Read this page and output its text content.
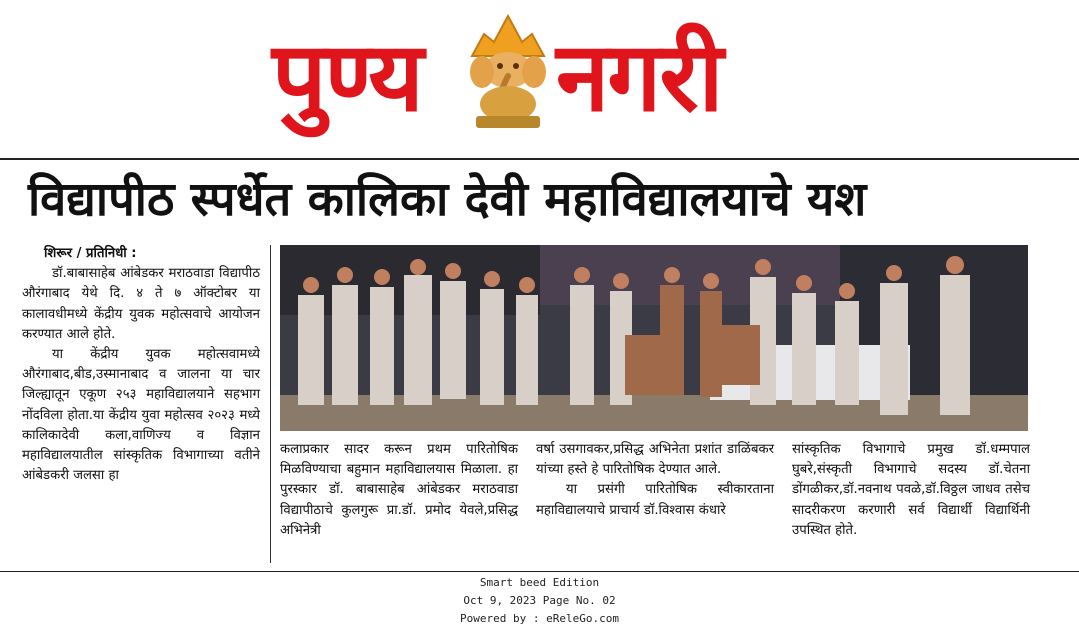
पुण्य नगरी
विद्यापीठ स्पर्धेत कालिका देवी महाविद्यालयाचे यश

शिरूर / प्रतिनिधी :

डॉ.बाबासाहेब आंबेडकर मराठवाडा विद्यापीठ औरंगाबाद येथे दि. ४ ते ७ ऑक्टोबर या कालावधीमध्ये केंद्रीय युवक महोत्सवाचे आयोजन करण्यात आले होते.

या केंद्रीय युवक महोत्सवामध्ये औरंगाबाद,बीड,उस्मानाबाद व जालना या चार जिल्ह्यातून एकूण २५३ महाविद्यालयाने सहभाग नोंदविला होता.या केंद्रीय युवा महोत्सव २०२३ मध्ये कालिकादेवी कला,वाणिज्य व विज्ञान महाविद्यालयातील सांस्कृतिक विभागाच्या वतीने आंबेडकरी जलसा हा

कलाप्रकार सादर करून प्रथम पारितोषिक मिळविण्याचा बहुमान महाविद्यालयास मिळाला. हा पुरस्कार डॉ. बाबासाहेब आंबेडकर मराठवाडा विद्यापीठाचे कुलगुरू प्रा.डॉ. प्रमोद येवले,प्रसिद्ध अभिनेत्री

वर्षा उसगावकर,प्रसिद्ध अभिनेता प्रशांत डाळिंबकर यांच्या हस्ते हे पारितोषिक देण्यात आले.

या प्रसंगी पारितोषिक स्वीकारताना महाविद्यालयाचे प्राचार्य डॉ.विश्वास कंधारे

सांस्कृतिक विभागाचे प्रमुख डॉ.धम्मपाल घुबरे,संस्कृती विभागाचे सदस्य डॉ.चेतना डोंगळीकर,डॉ.नवनाथ पवळे,डॉ.विठ्ठल जाधव तसेच सादरीकरण करणारी सर्व विद्यार्थी विद्यार्थिनी उपस्थित होते.

Smart beed Edition
Oct 9, 2023 Page No. 02
Powered by : eReleGo.com
